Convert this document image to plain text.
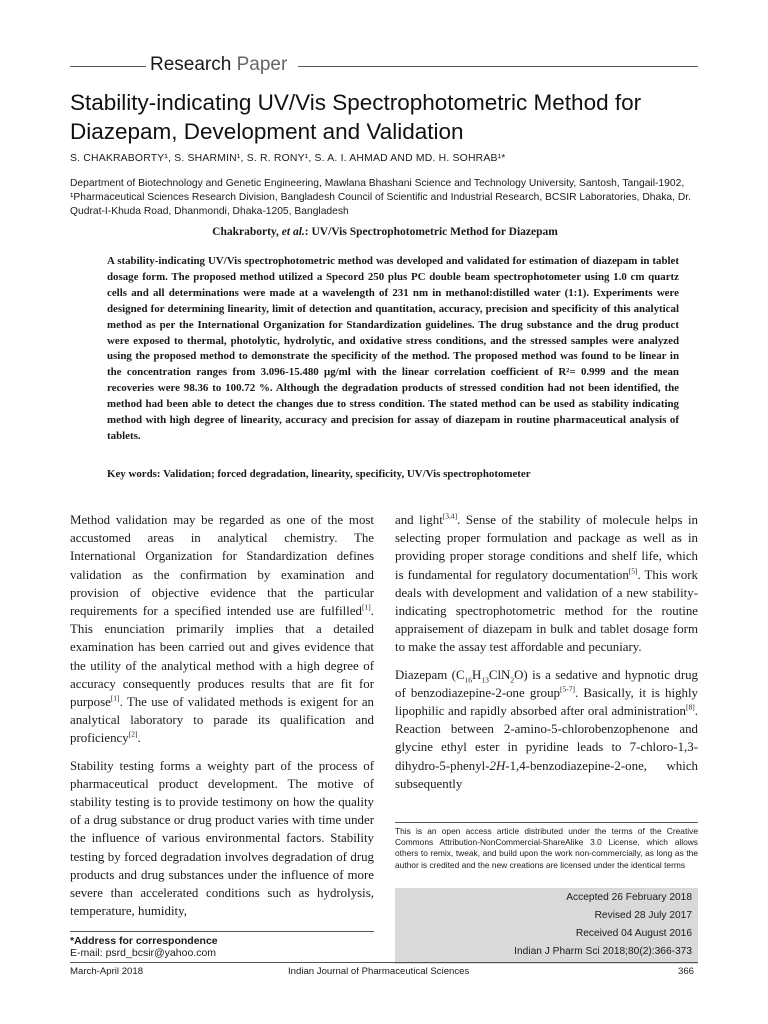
Research Paper
Stability-indicating UV/Vis Spectrophotometric Method for Diazepam, Development and Validation
S. CHAKRABORTY¹, S. SHARMIN¹, S. R. RONY¹, S. A. I. AHMAD AND MD. H. SOHRAB¹*
Department of Biotechnology and Genetic Engineering, Mawlana Bhashani Science and Technology University, Santosh, Tangail-1902, ¹Pharmaceutical Sciences Research Division, Bangladesh Council of Scientific and Industrial Research, BCSIR Laboratories, Dhaka, Dr. Qudrat-I-Khuda Road, Dhanmondi, Dhaka-1205, Bangladesh
Chakraborty, et al.: UV/Vis Spectrophotometric Method for Diazepam
A stability-indicating UV/Vis spectrophotometric method was developed and validated for estimation of diazepam in tablet dosage form. The proposed method utilized a Specord 250 plus PC double beam spectrophotometer using 1.0 cm quartz cells and all determinations were made at a wavelength of 231 nm in methanol:distilled water (1:1). Experiments were designed for determining linearity, limit of detection and quantitation, accuracy, precision and specificity of this analytical method as per the International Organization for Standardization guidelines. The drug substance and the drug product were exposed to thermal, photolytic, hydrolytic, and oxidative stress conditions, and the stressed samples were analyzed using the proposed method to demonstrate the specificity of the method. The proposed method was found to be linear in the concentration ranges from 3.096-15.480 μg/ml with the linear correlation coefficient of R²= 0.999 and the mean recoveries were 98.36 to 100.72 %. Although the degradation products of stressed condition had not been identified, the method had been able to detect the changes due to stress condition. The stated method can be used as stability indicating method with high degree of linearity, accuracy and precision for assay of diazepam in routine pharmaceutical analysis of tablets.
Key words: Validation; forced degradation, linearity, specificity, UV/Vis spectrophotometer

Method validation may be regarded as one of the most accustomed areas in analytical chemistry. The International Organization for Standardization defines validation as the confirmation by examination and provision of objective evidence that the particular requirements for a specified intended use are fulfilled[1]. This enunciation primarily implies that a detailed examination has been carried out and gives evidence that the utility of the analytical method with a high degree of accuracy consequently produces results that are fit for purpose[1]. The use of validated methods is exigent for an analytical laboratory to parade its qualification and proficiency[2].

Stability testing forms a weighty part of the process of pharmaceutical product development. The motive of stability testing is to provide testimony on how the quality of a drug substance or drug product varies with time under the influence of various environmental factors. Stability testing by forced degradation involves degradation of drug products and drug substances under the influence of more severe than accelerated conditions such as hydrolysis, temperature, humidity,

and light[3,4]. Sense of the stability of molecule helps in selecting proper formulation and package as well as in providing proper storage conditions and shelf life, which is fundamental for regulatory documentation[5]. This work deals with development and validation of a new stability-indicating spectrophotometric method for the routine appraisement of diazepam in bulk and tablet dosage form to make the assay test affordable and pecuniary.

Diazepam $(C_{16}H_{13}ClN_2O)$ is a sedative and hypnotic drug of benzodiazepine-2-one group[5-7]. Basically, it is highly lipophilic and rapidly absorbed after oral administration[8]. Reaction between 2-amino-5-chlorobenzophenone and glycine ethyl ester in pyridine leads to 7-chloro-1,3-dihydro-5-phenyl-2H-1,4-benzodiazepine-2-one, which subsequently

This is an open access article distributed under the terms of the Creative Commons Attribution-NonCommercial-ShareAlike 3.0 License, which allows others to remix, tweak, and build upon the work non-commercially, as long as the author is credited and the new creations are licensed under the identical terms
Accepted 26 February 2018
Revised 28 July 2017
Received 04 August 2016
Indian J Pharm Sci 2018;80(2):366-373
*Address for correspondence
E-mail: psrd_bcsir@yahoo.com
March-April 2018	Indian Journal of Pharmaceutical Sciences	366
